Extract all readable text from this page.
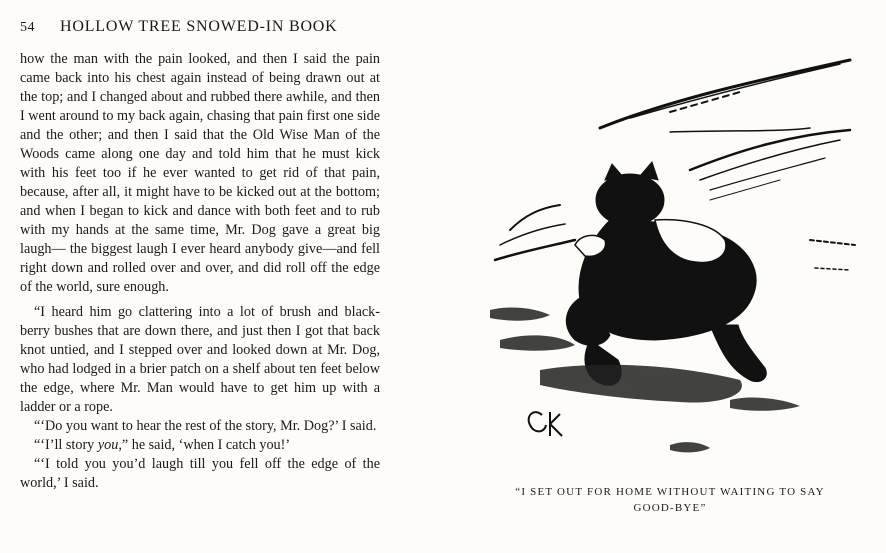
54 HOLLOW TREE SNOWED-IN BOOK

how the man with the pain looked, and then I said the pain came back into his chest again instead of being drawn out at the top; and I changed about and rubbed there awhile, and then I went around to my back again, chasing that pain first one side and the other; and then I said that the Old Wise Man of the Woods came along one day and told him that he must kick with his feet too if he ever wanted to get rid of that pain, because, after all, it might have to be kicked out at the bottom; and when I began to kick and dance with both feet and to rub with my hands at the same time, Mr. Dog gave a great big laugh— the biggest laugh I ever heard anybody give—and fell right down and rolled over and over, and did roll off the edge of the world, sure enough.

“I heard him go clattering into a lot of brush and black- berry bushes that are down there, and just then I got that back knot untied, and I stepped over and looked down at Mr. Dog, who had lodged in a brier patch on a shelf about ten feet below the edge, where Mr. Man would have to get him up with a ladder or a rope.

“‘Do you want to hear the rest of the story, Mr. Dog?’ I said.

“‘I’ll story you,” he said, ‘when I catch you!’

“‘I told you you’d laugh till you fell off the edge of the world,’ I said.

“I SET OUT FOR HOME WITHOUT WAITING TO SAY
GOOD-BYE”
